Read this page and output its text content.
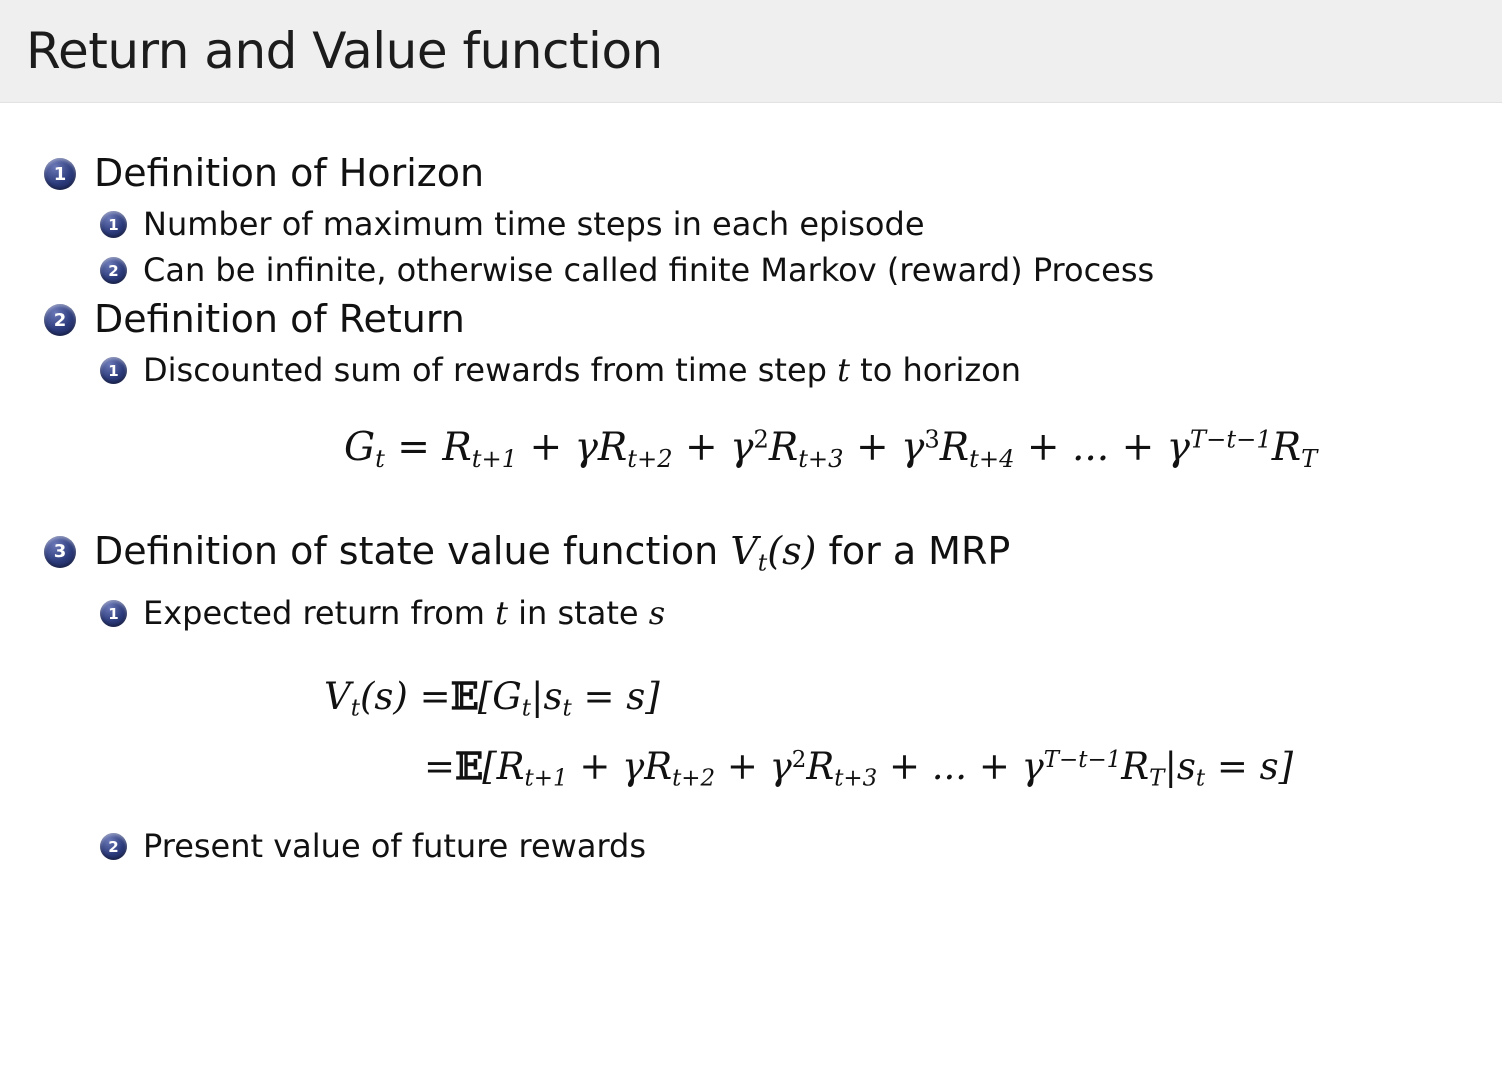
Return and Value function
1 Definition of Horizon
1 Number of maximum time steps in each episode
2 Can be infinite, otherwise called finite Markov (reward) Process
2 Definition of Return
1 Discounted sum of rewards from time step t to horizon
$G_t = R_{t+1} + \gamma R_{t+2} + \gamma^2R_{t+3} + \gamma^3R_{t+4}$ + ... + $\gamma^{T-t-1}R_T$
3 Definition of state value function $V_t(s)$ for a MRP
1 Expected return from t in state s
$V_t(s)$ $=𝔼[G_t|s_t = s]$
$=𝔼[R_{t+1} + \gamma R_{t+2} + \gamma^2R_{t+3}$ + ... + $\gamma^{T-t-1}R_T|s_t = s$]
2 Present value of future rewards
